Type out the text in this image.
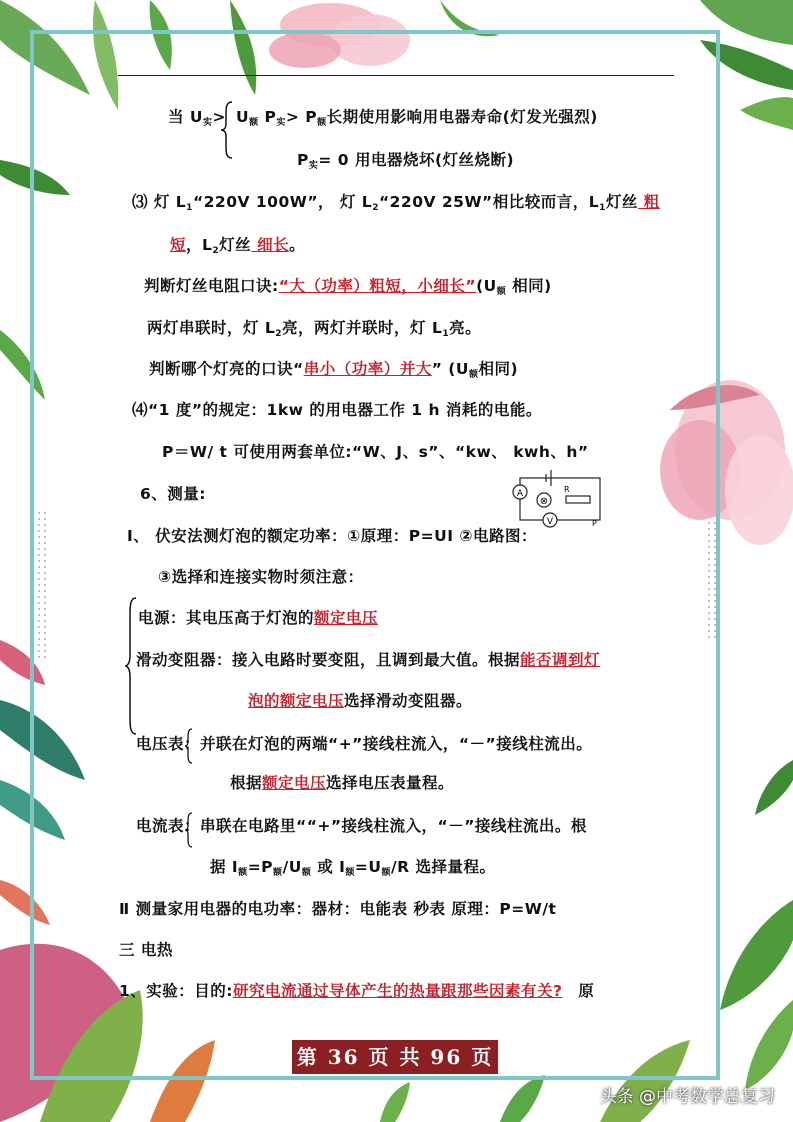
当 $U_实> U_额$ $P_实> P_额$长期使用影响用电器寿命(灯发光强烈)
$P_实= 0$ 用电器烧坏(灯丝烧断)
⑶ 灯 $L_1“220V$ 100W”， 灯 $L_2“220V$ 25W”相比较而言，$L_1$灯丝 粗
短，$L_2$灯丝 细长。
判断灯丝电阻口诀:“大（功率）粗短，小细长$”(U_额$ 相同)
两灯串联时，灯 $L_2$亮，两灯并联时，灯 $L_1$亮。
判断哪个灯亮的口诀“串小（功率）并大” ($U_额$相同)
⑷“1 度”的规定：1kw 的用电器工作 1 h 消耗的电能。
P＝W/ t 可使用两套单位:“W、J、s”、“kw、 kwh、h”
6、测量:	A
⊗
R
V	P
Ⅰ、 伏安法测灯泡的额定功率：①原理：P=UI ②电路图：
③选择和连接实物时须注意：
电源：其电压高于灯泡的额定电压
滑动变阻器：接入电路时要变阻，且调到最大值。根据能否调到灯
泡的额定电压选择滑动变阻器。
电压表：并联在灯泡的两端“+”接线柱流入，“－”接线柱流出。
根据额定电压选择电压表量程。
电流表：串联在电路里““+”接线柱流入，“－”接线柱流出。根
据 $I_额=P_额/U_额$ 或 $I_额=U_额/R$ 选择量程。
Ⅱ 测量家用电器的电功率：器材：电能表 秒表 原理：P=W/t
三 电热
1、实验：目的:研究电流通过导体产生的热量跟那些因素有关? 原
第 36 页 共 96 页
头条 @中考数学总复习
